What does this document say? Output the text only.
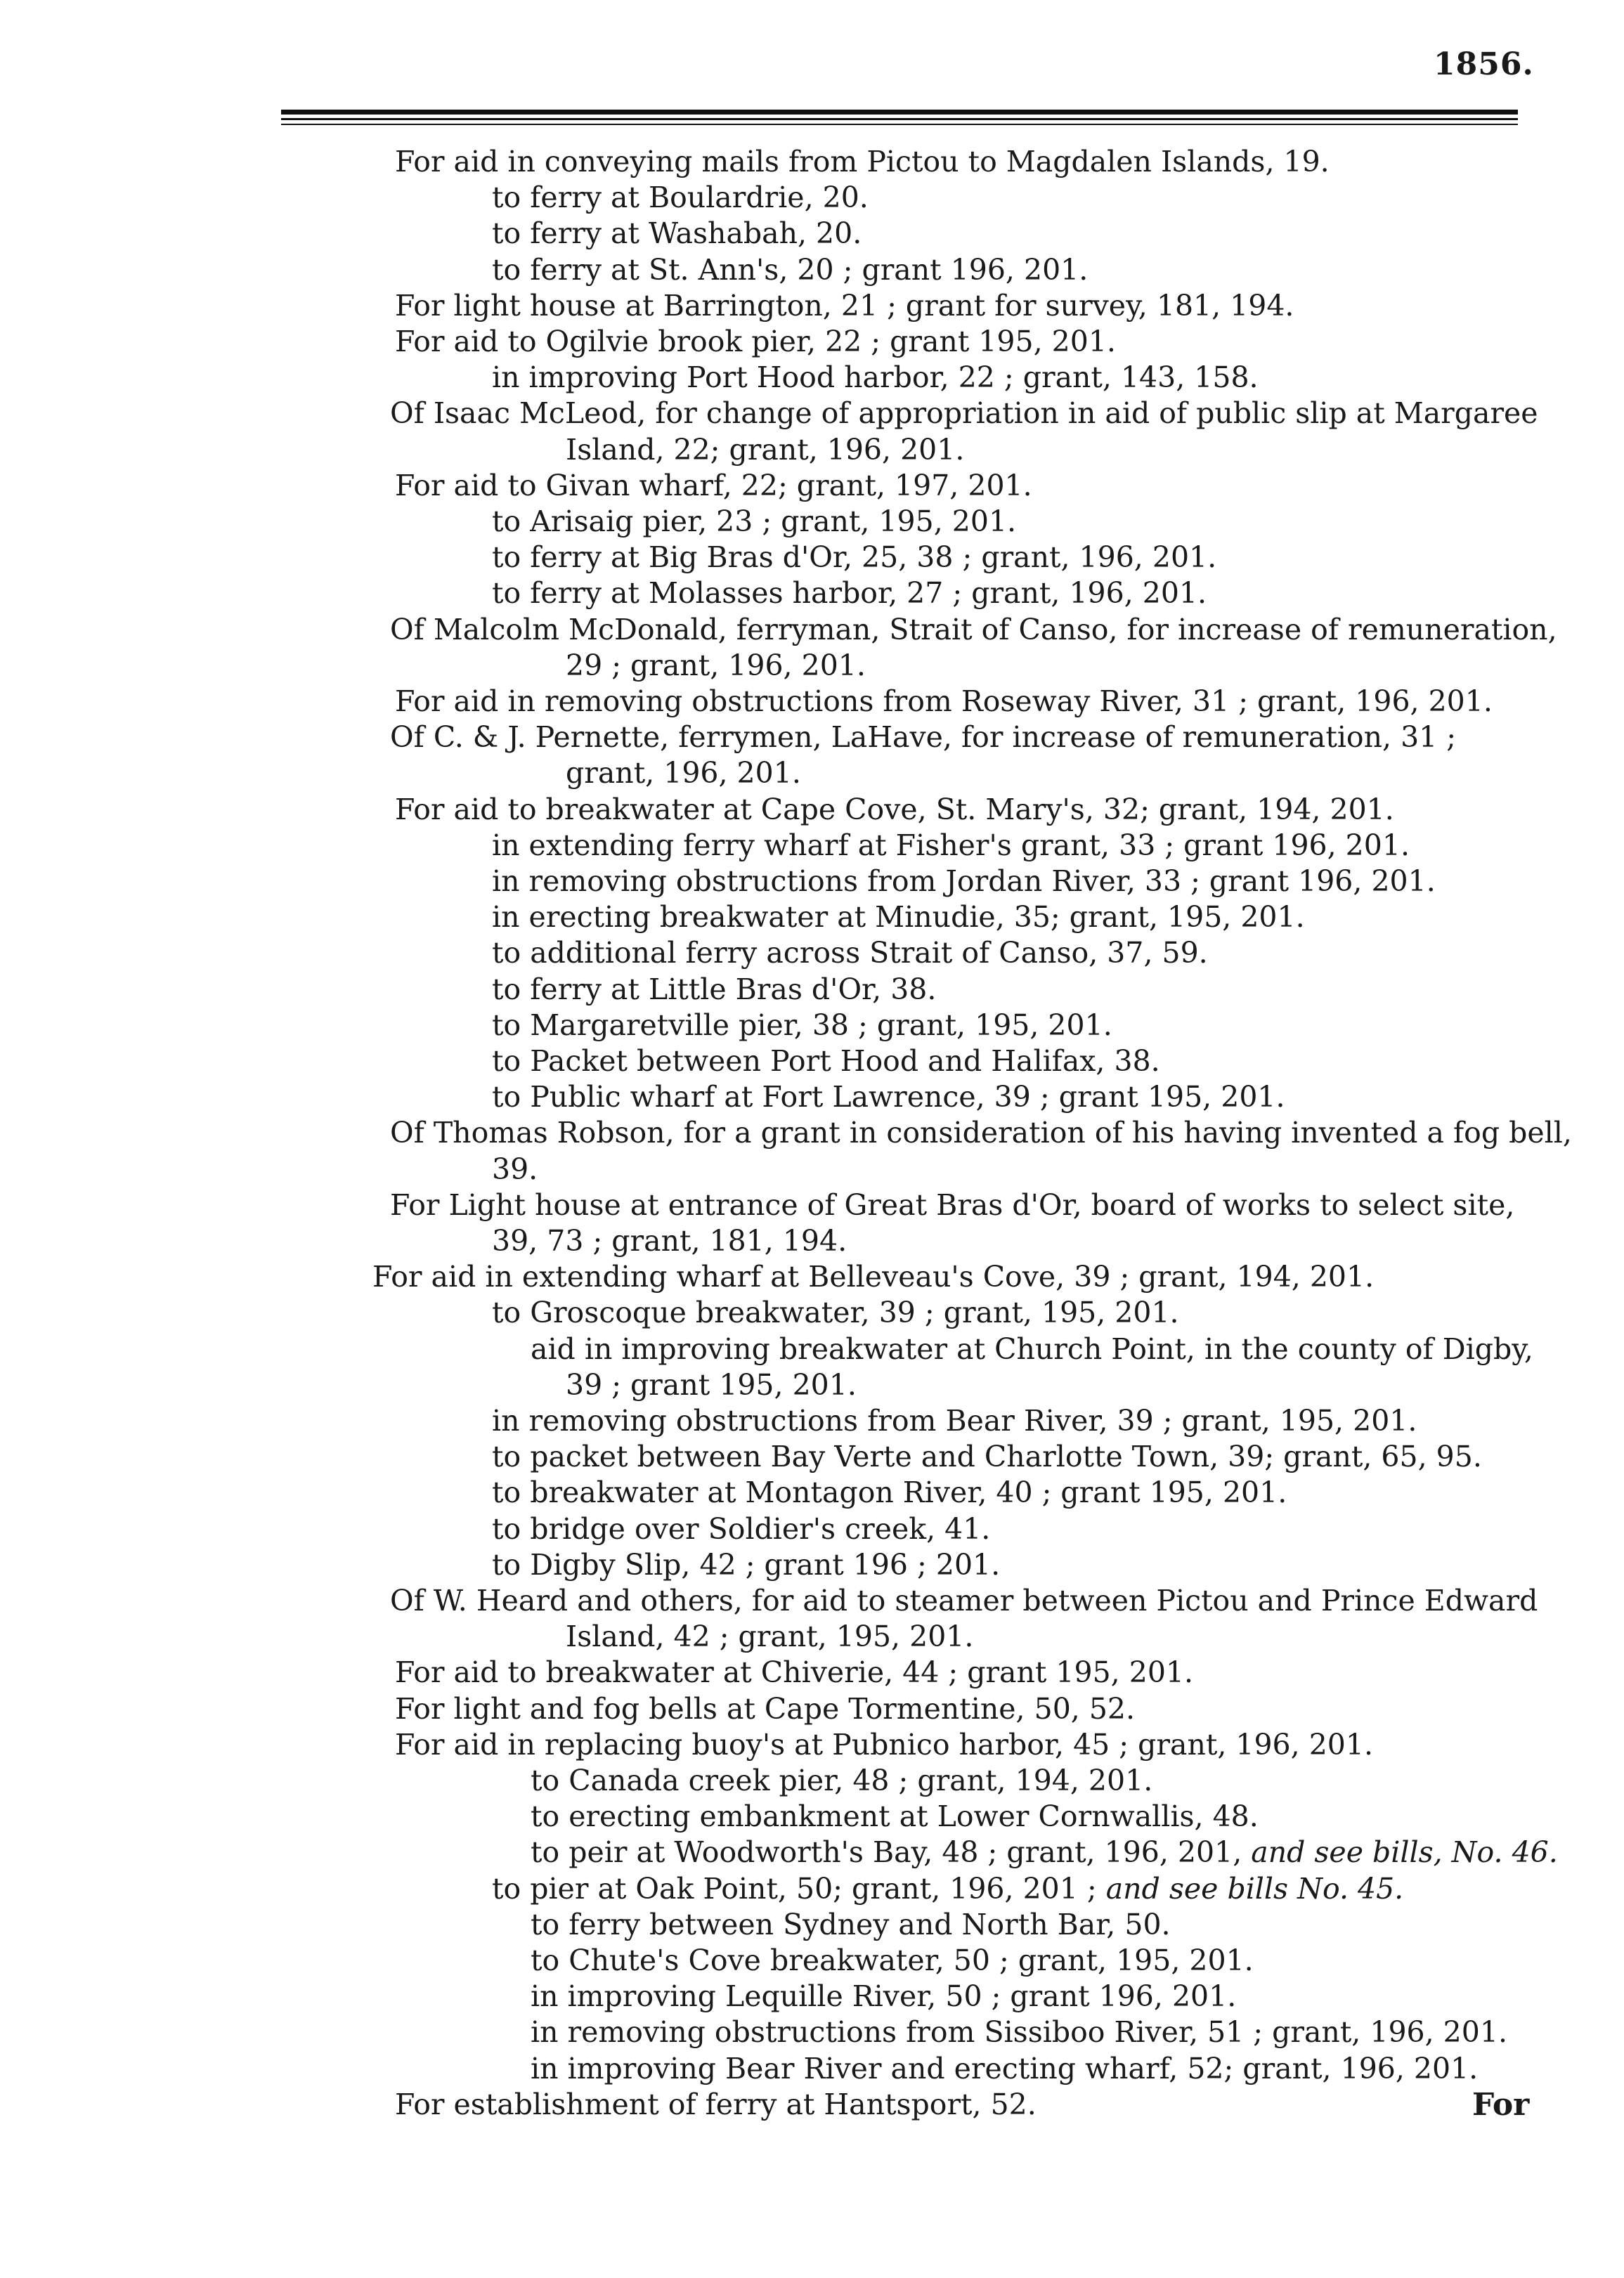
1856.
For aid in conveying mails from Pictou to Magdalen Islands, 19.
to ferry at Boulardrie, 20.
to ferry at Washabah, 20.
to ferry at St. Ann's, 20 ; grant 196, 201.
For light house at Barrington, 21 ; grant for survey, 181, 194.
For aid to Ogilvie brook pier, 22 ; grant 195, 201.
in improving Port Hood harbor, 22 ; grant, 143, 158.
Of Isaac McLeod, for change of appropriation in aid of public slip at Margaree
Island, 22; grant, 196, 201.
For aid to Givan wharf, 22; grant, 197, 201.
to Arisaig pier, 23 ; grant, 195, 201.
to ferry at Big Bras d'Or, 25, 38 ; grant, 196, 201.
to ferry at Molasses harbor, 27 ; grant, 196, 201.
Of Malcolm McDonald, ferryman, Strait of Canso, for increase of remuneration,
29 ; grant, 196, 201.
For aid in removing obstructions from Roseway River, 31 ; grant, 196, 201.
Of C. & J. Pernette, ferrymen, LaHave, for increase of remuneration, 31 ;
grant, 196, 201.
For aid to breakwater at Cape Cove, St. Mary's, 32; grant, 194, 201.
in extending ferry wharf at Fisher's grant, 33 ; grant 196, 201.
in removing obstructions from Jordan River, 33 ; grant 196, 201.
in erecting breakwater at Minudie, 35; grant, 195, 201.
to additional ferry across Strait of Canso, 37, 59.
to ferry at Little Bras d'Or, 38.
to Margaretville pier, 38 ; grant, 195, 201.
to Packet between Port Hood and Halifax, 38.
to Public wharf at Fort Lawrence, 39 ; grant 195, 201.
Of Thomas Robson, for a grant in consideration of his having invented a fog bell,
39.
For Light house at entrance of Great Bras d'Or, board of works to select site,
39, 73 ; grant, 181, 194.
For aid in extending wharf at Belleveau's Cove, 39 ; grant, 194, 201.
to Groscoque breakwater, 39 ; grant, 195, 201.
aid in improving breakwater at Church Point, in the county of Digby,
39 ; grant 195, 201.
in removing obstructions from Bear River, 39 ; grant, 195, 201.
to packet between Bay Verte and Charlotte Town, 39; grant, 65, 95.
to breakwater at Montagon River, 40 ; grant 195, 201.
to bridge over Soldier's creek, 41.
to Digby Slip, 42 ; grant 196 ; 201.
Of W. Heard and others, for aid to steamer between Pictou and Prince Edward
Island, 42 ; grant, 195, 201.
For aid to breakwater at Chiverie, 44 ; grant 195, 201.
For light and fog bells at Cape Tormentine, 50, 52.
For aid in replacing buoy's at Pubnico harbor, 45 ; grant, 196, 201.
to Canada creek pier, 48 ; grant, 194, 201.
to erecting embankment at Lower Cornwallis, 48.
to peir at Woodworth's Bay, 48 ; grant, 196, 201, and see bills, No. 46.
to pier at Oak Point, 50; grant, 196, 201 ; and see bills No. 45.
to ferry between Sydney and North Bar, 50.
to Chute's Cove breakwater, 50 ; grant, 195, 201.
in improving Lequille River, 50 ; grant 196, 201.
in removing obstructions from Sissiboo River, 51 ; grant, 196, 201.
in improving Bear River and erecting wharf, 52; grant, 196, 201.
For establishment of ferry at Hantsport, 52.	For
